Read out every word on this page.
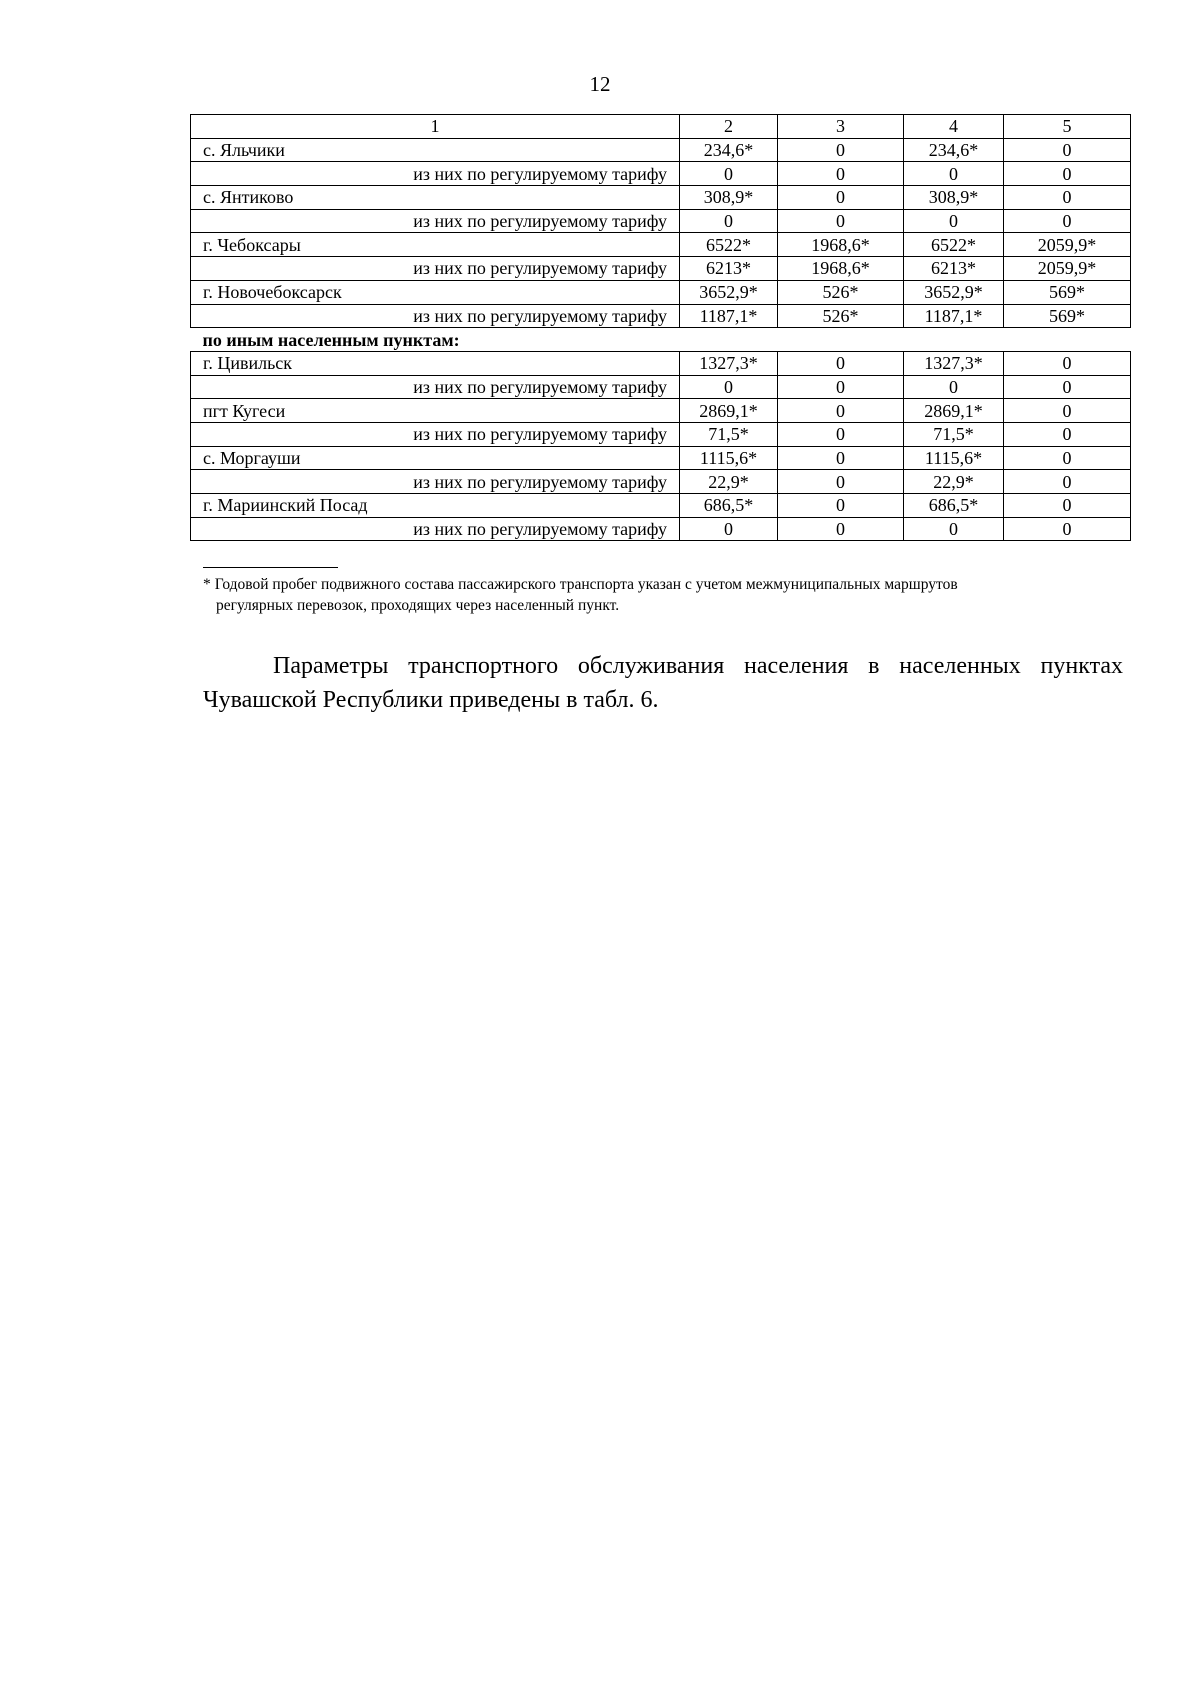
12
1	2	3	4	5
с. Яльчики	234,6*	0	234,6*	0
из них по регулируемому тарифу	0	0	0	0
с. Янтиково	308,9*	0	308,9*	0
из них по регулируемому тарифу	0	0	0	0
г. Чебоксары	6522*	1968,6*	6522*	2059,9*
из них по регулируемому тарифу	6213*	1968,6*	6213*	2059,9*
г. Новочебоксарск	3652,9*	526*	3652,9*	569*
из них по регулируемому тарифу	1187,1*	526*	1187,1*	569*
по иным населенным пунктам:				
г. Цивильск	1327,3*	0	1327,3*	0
из них по регулируемому тарифу	0	0	0	0
пгт Кугеси	2869,1*	0	2869,1*	0
из них по регулируемому тарифу	71,5*	0	71,5*	0
с. Моргауши	1115,6*	0	1115,6*	0
из них по регулируемому тарифу	22,9*	0	22,9*	0
г. Мариинский Посад	686,5*	0	686,5*	0
из них по регулируемому тарифу	0	0	0	0
* Годовой пробег подвижного состава пассажирского транспорта указан с учетом межмуниципальных маршрутов
регулярных перевозок, проходящих через населенный пункт.
Параметры транспортного обслуживания населения в населенных пунктах Чувашской Республики приведены в табл. 6.
